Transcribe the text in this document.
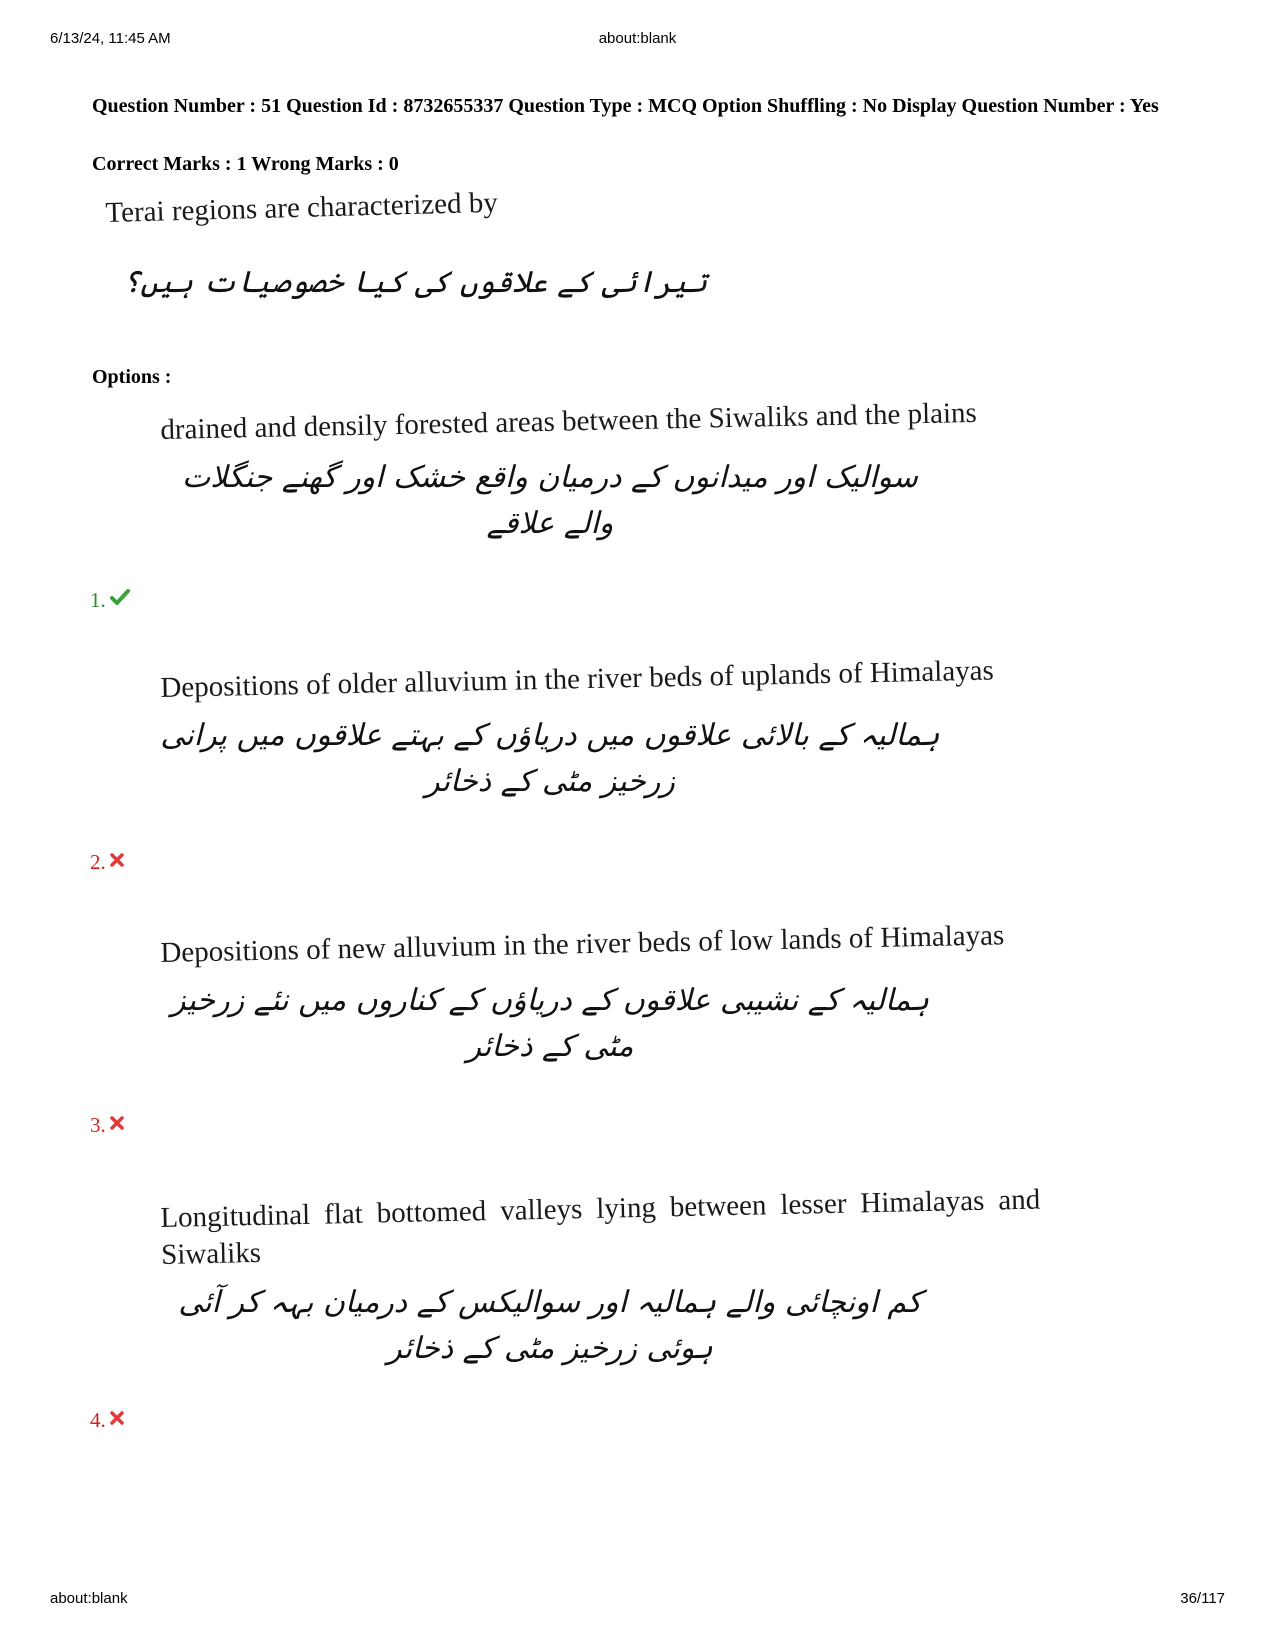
6/13/24, 11:45 AM	about:blank
Question Number : 51 Question Id : 8732655337 Question Type : MCQ Option Shuffling : No Display Question Number : Yes
Correct Marks : 1 Wrong Marks : 0
Terai regions are characterized by
تیرائی کے علاقوں کی کیا خصوصیات ہیں؟
Options :
drained and densily forested areas between the Siwaliks and the plains
سوالیک اور میدانوں کے درمیان واقع خشک اور گھنے جنگلات والے علاقے
1.
Depositions of older alluvium in the river beds of uplands of Himalayas
ہمالیہ کے بالائی علاقوں میں دریاؤں کے بہتے علاقوں میں پرانی زرخیز مٹی کے ذخائر
2.
Depositions of new alluvium in the river beds of low lands of Himalayas
ہمالیہ کے نشیبی علاقوں کے دریاؤں کے کناروں میں نئے زرخیز مٹی کے ذخائر
3.
Longitudinal flat bottomed valleys lying between lesser Himalayas and Siwaliks
کم اونچائی والے ہمالیہ اور سوالیکس کے درمیان بہہ کر آئی ہوئی زرخیز مٹی کے ذخائر
4.
about:blank	36/117
